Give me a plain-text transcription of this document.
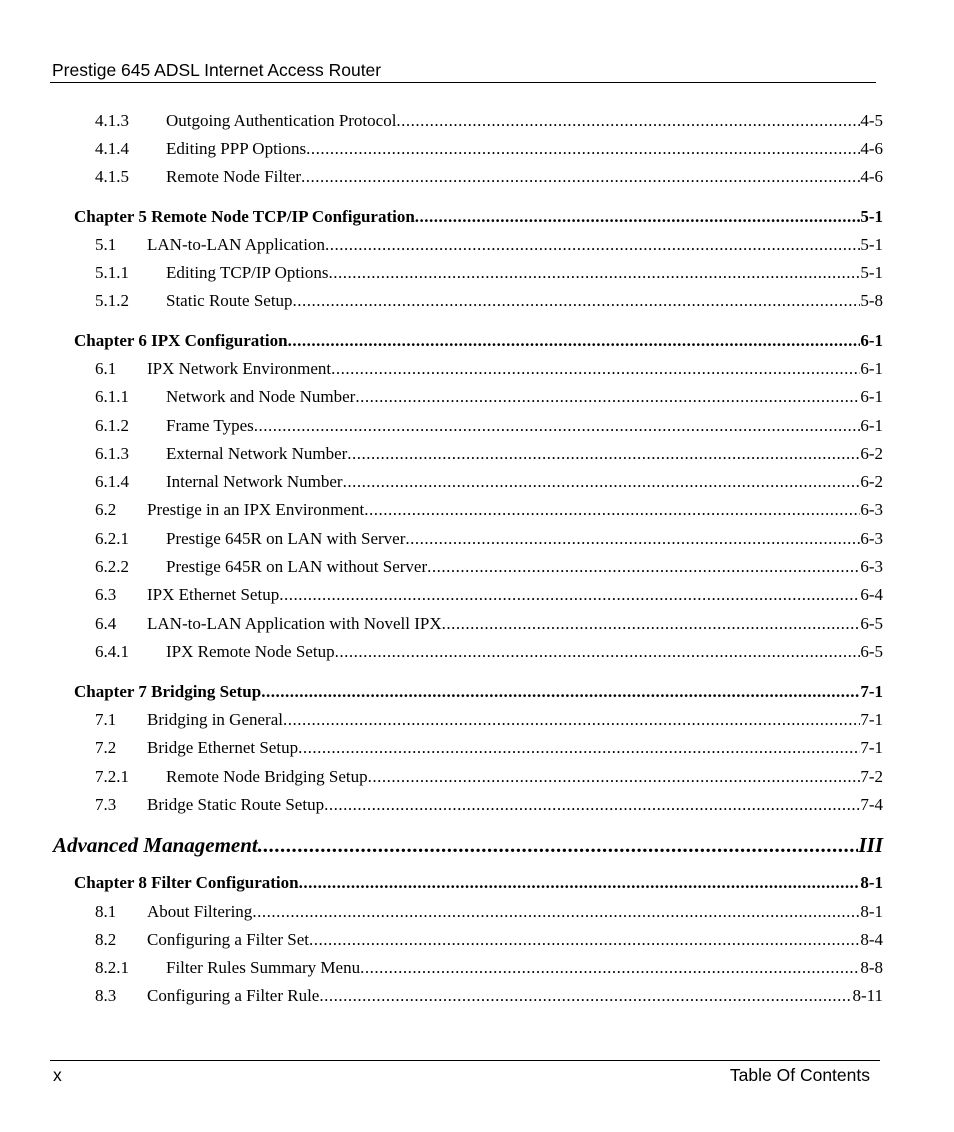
Prestige 645 ADSL Internet Access Router
4.1.3	Outgoing Authentication Protocol .....	4-5
4.1.4	Editing PPP Options .....	4-6
4.1.5	Remote Node Filter .....	4-6
Chapter 5 Remote Node TCP/IP Configuration .....	5-1
5.1	LAN-to-LAN Application .....	5-1
5.1.1	Editing TCP/IP Options .....	5-1
5.1.2	Static Route Setup .....	5-8
Chapter 6 IPX Configuration .....	6-1
6.1	IPX Network Environment .....	6-1
6.1.1	Network and Node Number .....	6-1
6.1.2	Frame Types .....	6-1
6.1.3	External Network Number .....	6-2
6.1.4	Internal Network Number .....	6-2
6.2	Prestige in an IPX Environment .....	6-3
6.2.1	Prestige 645R on LAN with Server .....	6-3
6.2.2	Prestige 645R on LAN without Server .....	6-3
6.3	IPX Ethernet Setup .....	6-4
6.4	LAN-to-LAN Application with Novell IPX .....	6-5
6.4.1	IPX Remote Node Setup .....	6-5
Chapter 7 Bridging Setup .....	7-1
7.1	Bridging in General .....	7-1
7.2	Bridge Ethernet Setup .....	7-1
7.2.1	Remote Node Bridging Setup .....	7-2
7.3	Bridge Static Route Setup .....	7-4
Advanced Management .....	III
Chapter 8 Filter Configuration .....	8-1
8.1	About Filtering .....	8-1
8.2	Configuring a Filter Set .....	8-4
8.2.1	Filter Rules Summary Menu .....	8-8
8.3	Configuring a Filter Rule .....	8-11
x	Table Of Contents
